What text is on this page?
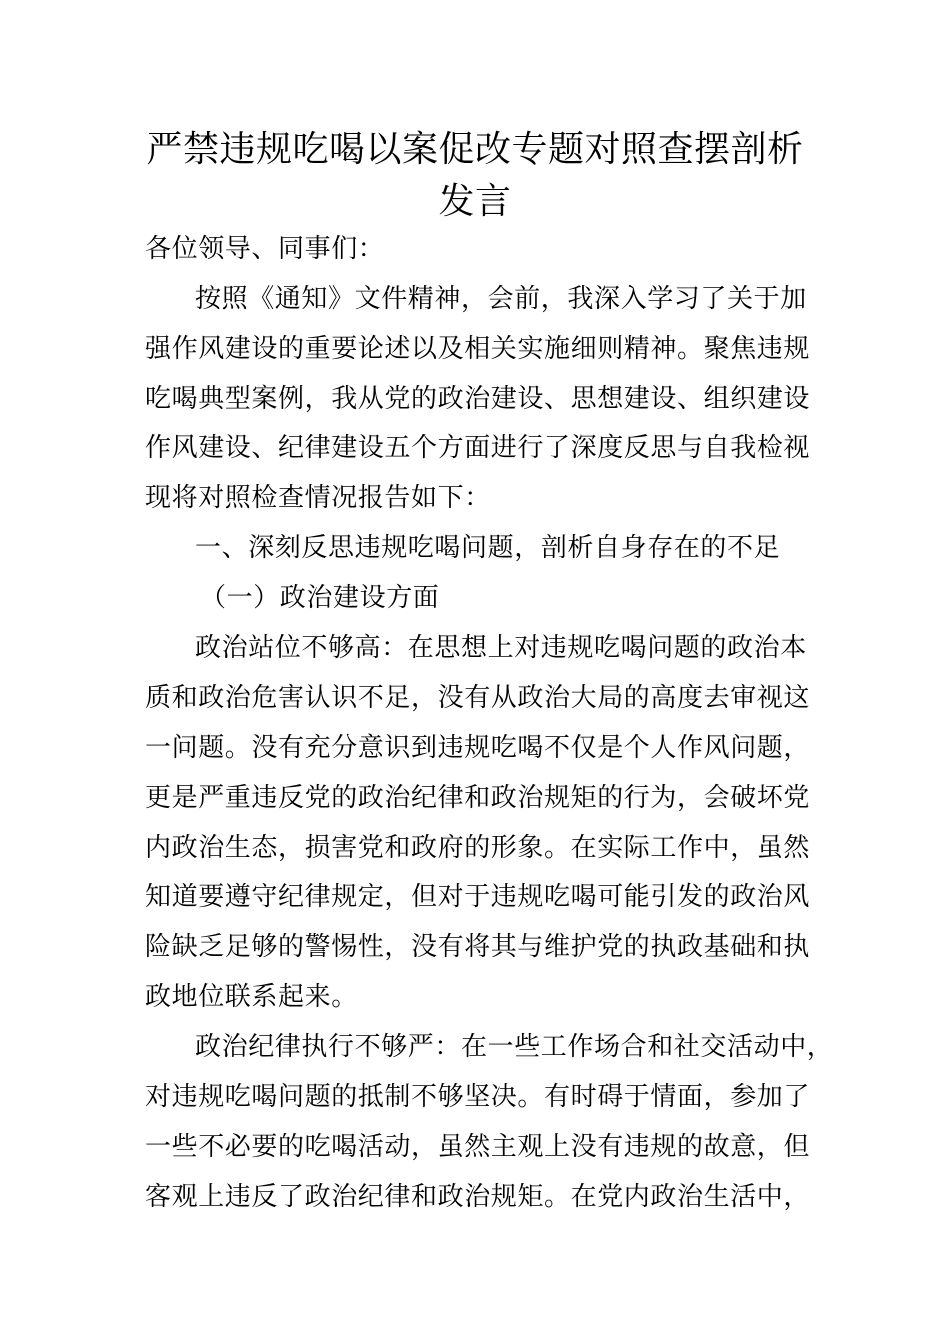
严禁违规吃喝以案促改专题对照查摆剖析
发言
各位领导、同事们：
按照《通知》文件精神，会前，我深入学习了关于加
强作风建设的重要论述以及相关实施细则精神。聚焦违规
吃喝典型案例，我从党的政治建设、思想建设、组织建设
作风建设、纪律建设五个方面进行了深度反思与自我检视
现将对照检查情况报告如下：
一、深刻反思违规吃喝问题，剖析自身存在的不足
（一）政治建设方面
政治站位不够高：在思想上对违规吃喝问题的政治本
质和政治危害认识不足，没有从政治大局的高度去审视这
一问题。没有充分意识到违规吃喝不仅是个人作风问题，
更是严重违反党的政治纪律和政治规矩的行为，会破坏党
内政治生态，损害党和政府的形象。在实际工作中，虽然
知道要遵守纪律规定，但对于违规吃喝可能引发的政治风
险缺乏足够的警惕性，没有将其与维护党的执政基础和执
政地位联系起来。
政治纪律执行不够严：在一些工作场合和社交活动中，
对违规吃喝问题的抵制不够坚决。有时碍于情面，参加了
一些不必要的吃喝活动，虽然主观上没有违规的故意，但
客观上违反了政治纪律和政治规矩。在党内政治生活中，
